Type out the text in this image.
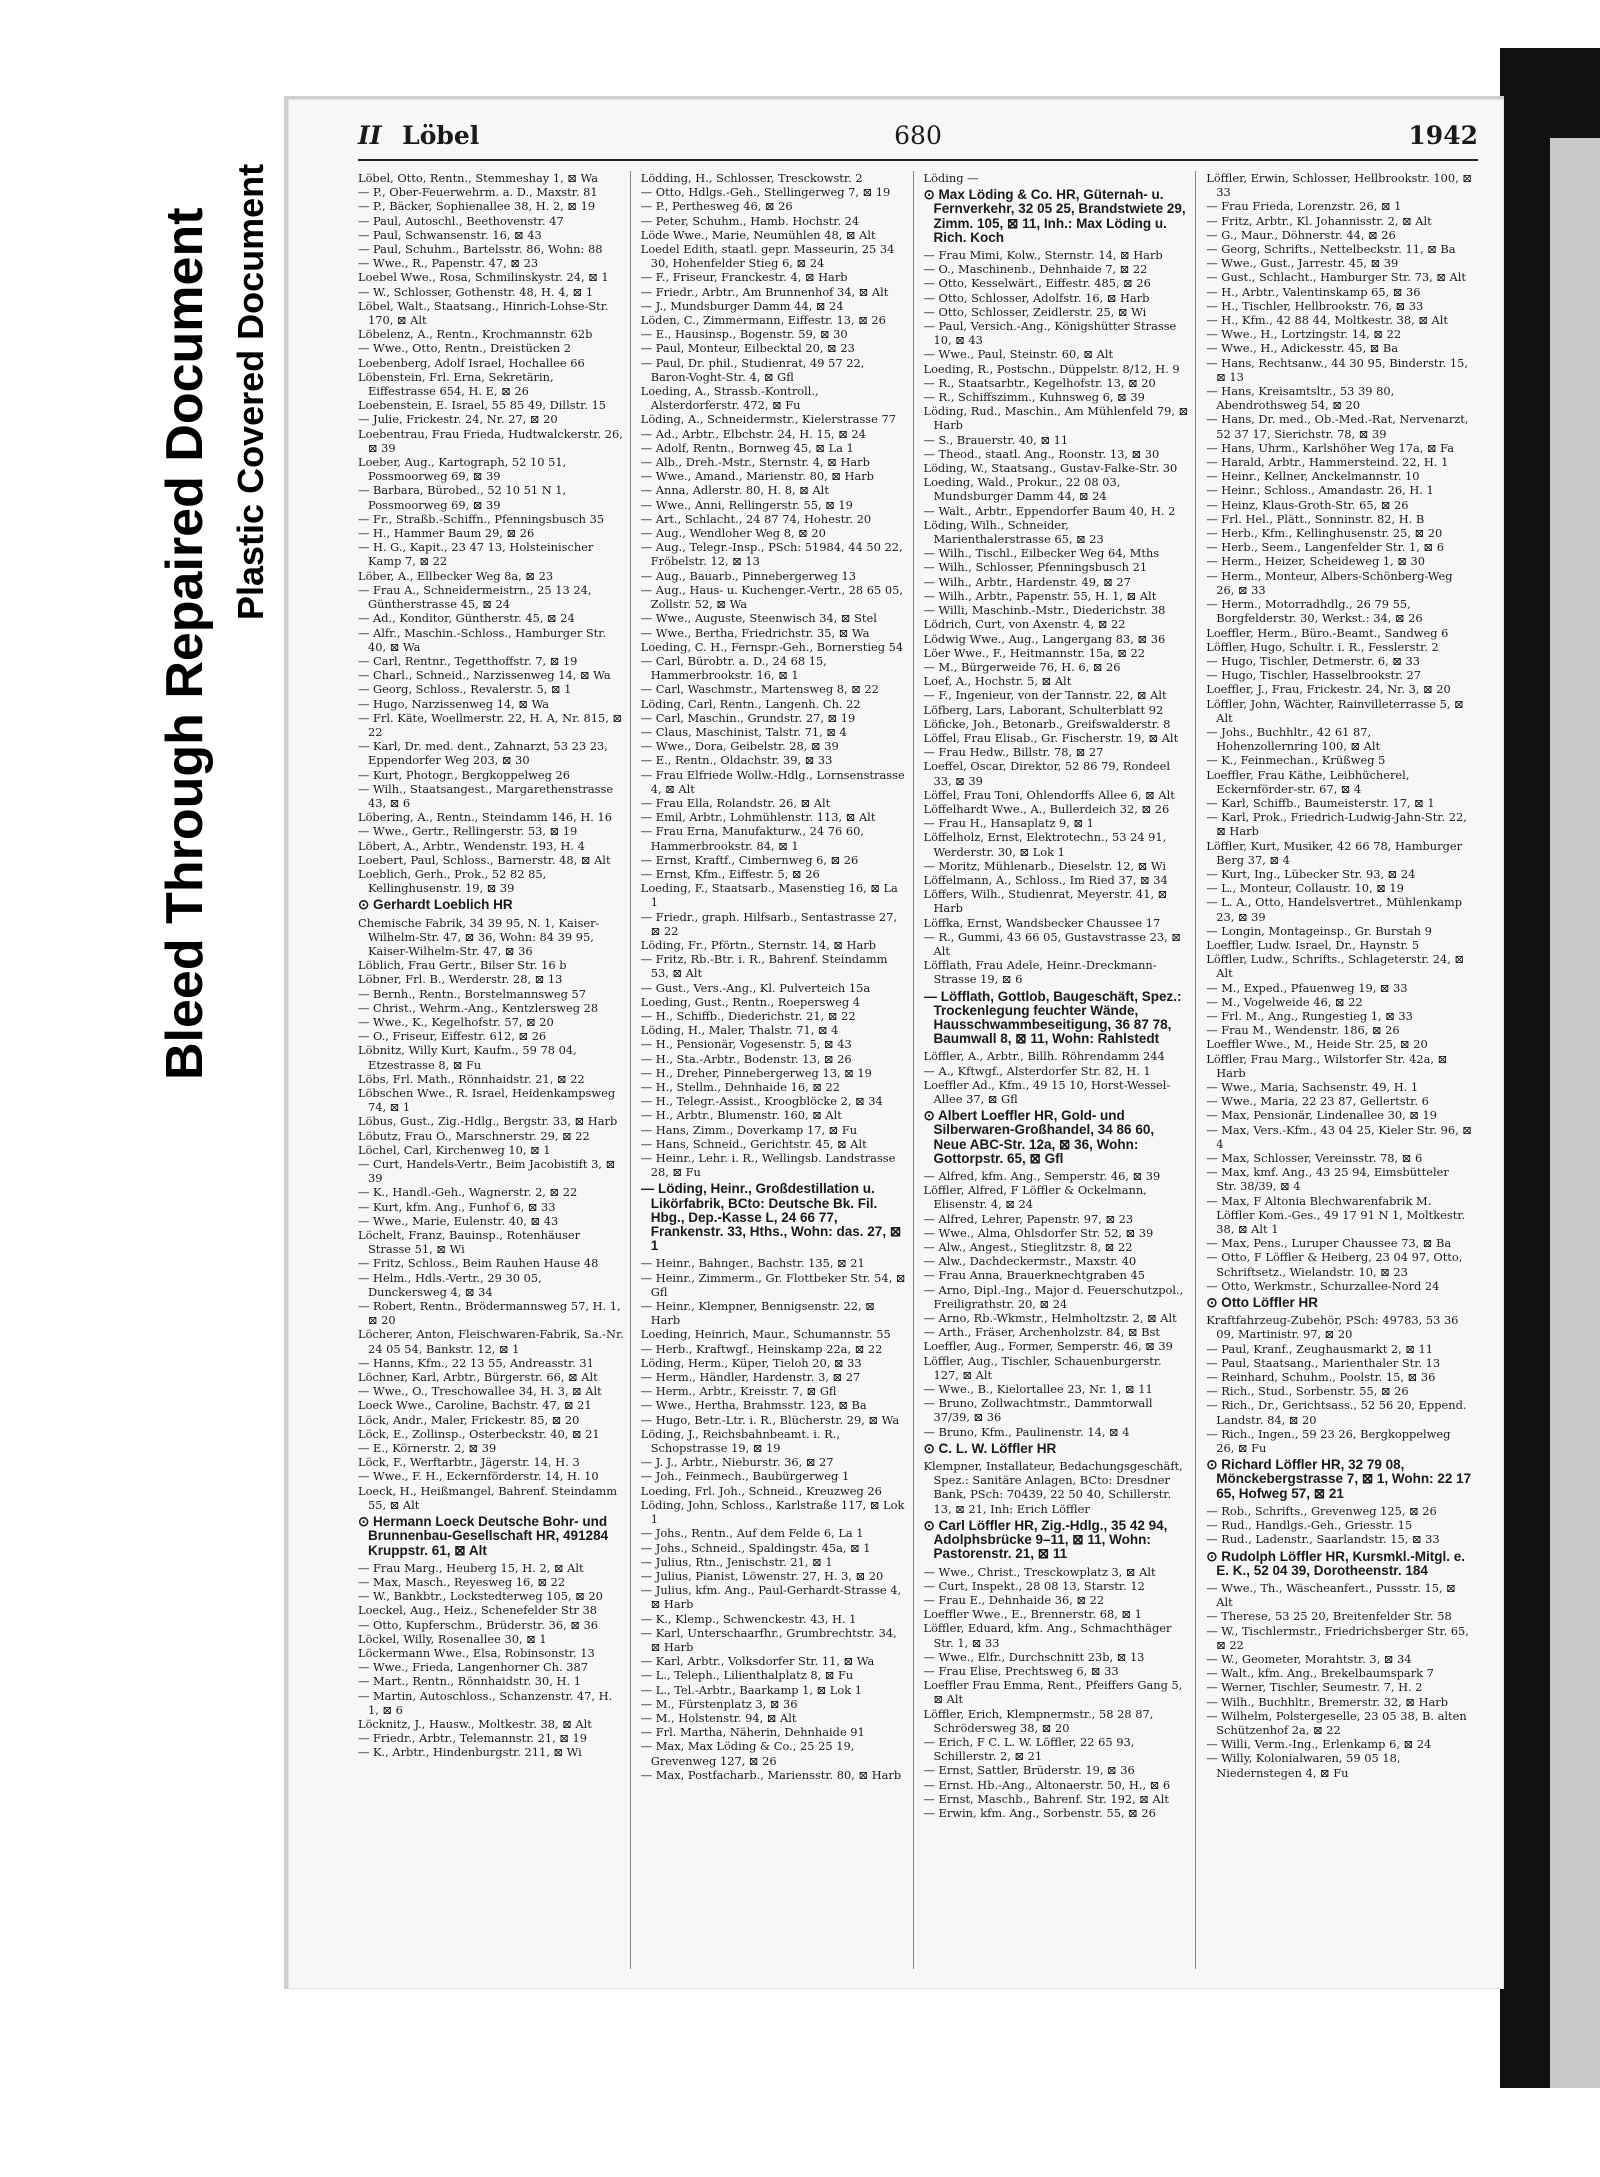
Bleed Through Repaired Document Plastic Covered Document
II Löbel	680	1942

Löbel, Otto, Rentn., Stemmeshay 1, ⊠ Wa

— P., Ober-Feuerwehrm. a. D., Maxstr. 81

— P., Bäcker, Sophienallee 38, H. 2, ⊠ 19

— Paul, Autoschl., Beethovenstr. 47

— Paul, Schwansenstr. 16, ⊠ 43

— Paul, Schuhm., Bartelsstr. 86, Wohn: 88

— Wwe., R., Papenstr. 47, ⊠ 23

Loebel Wwe., Rosa, Schmilinskystr. 24, ⊠ 1

— W., Schlosser, Gothenstr. 48, H. 4, ⊠ 1

Löbel, Walt., Staatsang., Hinrich-Lohse-Str. 170, ⊠ Alt

Löbelenz, A., Rentn., Krochmannstr. 62b

— Wwe., Otto, Rentn., Dreistücken 2

Loebenberg, Adolf Israel, Hochallee 66

Löbenstein, Frl. Erna, Sekretärin, Eiffestrasse 654, H. E, ⊠ 26

Loebenstein, E. Israel, 55 85 49, Dillstr. 15

— Julie, Frickestr. 24, Nr. 27, ⊠ 20

Loebentrau, Frau Frieda, Hudtwalckerstr. 26, ⊠ 39

Loeber, Aug., Kartograph, 52 10 51, Possmoorweg 69, ⊠ 39

— Barbara, Bürobed., 52 10 51 N 1, Possmoorweg 69, ⊠ 39

— Fr., Straßb.-Schiffn., Pfenningsbusch 35

— H., Hammer Baum 29, ⊠ 26

— H. G., Kapit., 23 47 13, Holsteinischer Kamp 7, ⊠ 22

Löber, A., Ellbecker Weg 8a, ⊠ 23

— Frau A., Schneidermeistrn., 25 13 24, Güntherstrasse 45, ⊠ 24

— Ad., Konditor, Güntherstr. 45, ⊠ 24

— Alfr., Maschin.-Schloss., Hamburger Str. 40, ⊠ Wa

— Carl, Rentnr., Tegetthoffstr. 7, ⊠ 19

— Charl., Schneid., Narzissenweg 14, ⊠ Wa

— Georg, Schloss., Revalerstr. 5, ⊠ 1

— Hugo, Narzissenweg 14, ⊠ Wa

— Frl. Käte, Woellmerstr. 22, H. A, Nr. 815, ⊠ 22

— Karl, Dr. med. dent., Zahnarzt, 53 23 23, Eppendorfer Weg 203, ⊠ 30

— Kurt, Photogr., Bergkoppelweg 26

— Wilh., Staatsangest., Margarethenstrasse 43, ⊠ 6

Löbering, A., Rentn., Steindamm 146, H. 16

— Wwe., Gertr., Rellingerstr. 53, ⊠ 19

Löbert, A., Arbtr., Wendenstr. 193, H. 4

Loebert, Paul, Schloss., Barnerstr. 48, ⊠ Alt

Loeblich, Gerh., Prok., 52 82 85, Kellinghusenstr. 19, ⊠ 39

⊙ Gerhardt Loeblich HR

Chemische Fabrik, 34 39 95, N. 1, Kaiser-Wilhelm-Str. 47, ⊠ 36, Wohn: 84 39 95, Kaiser-Wilhelm-Str. 47, ⊠ 36

Löblich, Frau Gertr., Bilser Str. 16 b

Löbner, Frl. B., Werderstr. 28, ⊠ 13

— Bernh., Rentn., Borstelmannsweg 57

— Christ., Wehrm.-Ang., Kentzlersweg 28

— Wwe., K., Kegelhofstr. 57, ⊠ 20

— O., Friseur, Eiffestr. 612, ⊠ 26

Löbnitz, Willy Kurt, Kaufm., 59 78 04, Etzestrasse 8, ⊠ Fu

Löbs, Frl. Math., Rönnhaidstr. 21, ⊠ 22

Löbschen Wwe., R. Israel, Heidenkampsweg 74, ⊠ 1

Löbus, Gust., Zig.-Hdlg., Bergstr. 33, ⊠ Harb

Löbutz, Frau O., Marschnerstr. 29, ⊠ 22

Löchel, Carl, Kirchenweg 10, ⊠ 1

— Curt, Handels-Vertr., Beim Jacobistift 3, ⊠ 39

— K., Handl.-Geh., Wagnerstr. 2, ⊠ 22

— Kurt, kfm. Ang., Funhof 6, ⊠ 33

— Wwe., Marie, Eulenstr. 40, ⊠ 43

Löchelt, Franz, Bauinsp., Rotenhäuser Strasse 51, ⊠ Wi

— Fritz, Schloss., Beim Rauhen Hause 48

— Helm., Hdls.-Vertr., 29 30 05, Dunckersweg 4, ⊠ 34

— Robert, Rentn., Brödermannsweg 57, H. 1, ⊠ 20

Löcherer, Anton, Fleischwaren-Fabrik, Sa.-Nr. 24 05 54, Bankstr. 12, ⊠ 1

— Hanns, Kfm., 22 13 55, Andreasstr. 31

Löchner, Karl, Arbtr., Bürgerstr. 66, ⊠ Alt

— Wwe., O., Treschowallee 34, H. 3, ⊠ Alt

Loeck Wwe., Caroline, Bachstr. 47, ⊠ 21

Löck, Andr., Maler, Frickestr. 85, ⊠ 20

Löck, E., Zollinsp., Osterbeckstr. 40, ⊠ 21

— E., Körnerstr. 2, ⊠ 39

Löck, F., Werftarbtr., Jägerstr. 14, H. 3

— Wwe., F. H., Eckernförderstr. 14, H. 10

Loeck, H., Heißmangel, Bahrenf. Steindamm 55, ⊠ Alt

⊙ Hermann Loeck Deutsche Bohr- und Brunnenbau-Gesellschaft HR, 491284 Kruppstr. 61, ⊠ Alt

— Frau Marg., Heuberg 15, H. 2, ⊠ Alt

— Max, Masch., Reyesweg 16, ⊠ 22

— W., Bankbtr., Lockstedterweg 105, ⊠ 20

Loeckel, Aug., Heiz., Schenefelder Str 38

— Otto, Kupferschm., Brüderstr. 36, ⊠ 36

Löckel, Willy, Rosenallee 30, ⊠ 1

Löckermann Wwe., Elsa, Robinsonstr. 13

— Wwe., Frieda, Langenhorner Ch. 387

— Mart., Rentn., Rönnhaidstr. 30, H. 1

— Martin, Autoschloss., Schanzenstr. 47, H. 1, ⊠ 6

Löcknitz, J., Hausw., Moltkestr. 38, ⊠ Alt

— Friedr., Arbtr., Telemannstr. 21, ⊠ 19

— K., Arbtr., Hindenburgstr. 211, ⊠ Wi

Lödding, H., Schlosser, Tresckowstr. 2

— Otto, Hdlgs.-Geh., Stellingerweg 7, ⊠ 19

— P., Perthesweg 46, ⊠ 26

— Peter, Schuhm., Hamb. Hochstr. 24

Löde Wwe., Marie, Neumühlen 48, ⊠ Alt

Loedel Edith, staatl. gepr. Masseurin, 25 34 30, Hohenfelder Stieg 6, ⊠ 24

— F., Friseur, Franckestr. 4, ⊠ Harb

— Friedr., Arbtr., Am Brunnenhof 34, ⊠ Alt

— J., Mundsburger Damm 44, ⊠ 24

Löden, C., Zimmermann, Eiffestr. 13, ⊠ 26

— E., Hausinsp., Bogenstr. 59, ⊠ 30

— Paul, Monteur, Eilbecktal 20, ⊠ 23

— Paul, Dr. phil., Studienrat, 49 57 22, Baron-Voght-Str. 4, ⊠ Gfl

Loeding, A., Strassb.-Kontroll., Alsterdorferstr. 472, ⊠ Fu

Löding, A., Schneidermstr., Kielerstrasse 77

— Ad., Arbtr., Elbchstr. 24, H. 15, ⊠ 24

— Adolf, Rentn., Bornweg 45, ⊠ La 1

— Alb., Dreh.-Mstr., Sternstr. 4, ⊠ Harb

— Wwe., Amand., Marienstr. 80, ⊠ Harb

— Anna, Adlerstr. 80, H. 8, ⊠ Alt

— Wwe., Anni, Rellingerstr. 55, ⊠ 19

— Art., Schlacht., 24 87 74, Hohestr. 20

— Aug., Wendloher Weg 8, ⊠ 20

— Aug., Telegr.-Insp., PSch: 51984, 44 50 22, Fröbelstr. 12, ⊠ 13

— Aug., Bauarb., Pinnebergerweg 13

— Aug., Haus- u. Kuchenger.-Vertr., 28 65 05, Zollstr. 52, ⊠ Wa

— Wwe., Auguste, Steenwisch 34, ⊠ Stel

— Wwe., Bertha, Friedrichstr. 35, ⊠ Wa

Loeding, C. H., Fernspr.-Geh., Bornerstieg 54

— Carl, Bürobtr. a. D., 24 68 15, Hammerbrookstr. 16, ⊠ 1

— Carl, Waschmstr., Martensweg 8, ⊠ 22

Löding, Carl, Rentn., Langenh. Ch. 22

— Carl, Maschin., Grundstr. 27, ⊠ 19

— Claus, Maschinist, Talstr. 71, ⊠ 4

— Wwe., Dora, Geibelstr. 28, ⊠ 39

— E., Rentn., Oldachstr. 39, ⊠ 33

— Frau Elfriede Wollw.-Hdlg., Lornsenstrasse 4, ⊠ Alt

— Frau Ella, Rolandstr. 26, ⊠ Alt

— Emil, Arbtr., Lohmühlenstr. 113, ⊠ Alt

— Frau Erna, Manufakturw., 24 76 60, Hammerbrookstr. 84, ⊠ 1

— Ernst, Kraftf., Cimbernweg 6, ⊠ 26

— Ernst, Kfm., Eiffestr. 5, ⊠ 26

Loeding, F., Staatsarb., Masenstieg 16, ⊠ La 1

— Friedr., graph. Hilfsarb., Sentastrasse 27, ⊠ 22

Löding, Fr., Pförtn., Sternstr. 14, ⊠ Harb

— Fritz, Rb.-Btr. i. R., Bahrenf. Steindamm 53, ⊠ Alt

— Gust., Vers.-Ang., Kl. Pulverteich 15a

Loeding, Gust., Rentn., Roepersweg 4

— H., Schiffb., Diederichstr. 21, ⊠ 22

Löding, H., Maler, Thalstr. 71, ⊠ 4

— H., Pensionär, Vogesenstr. 5, ⊠ 43

— H., Sta.-Arbtr., Bodenstr. 13, ⊠ 26

— H., Dreher, Pinnebergerweg 13, ⊠ 19

— H., Stellm., Dehnhaide 16, ⊠ 22

— H., Telegr.-Assist., Kroogblöcke 2, ⊠ 34

— H., Arbtr., Blumenstr. 160, ⊠ Alt

— Hans, Zimm., Doverkamp 17, ⊠ Fu

— Hans, Schneid., Gerichtstr. 45, ⊠ Alt

— Heinr., Lehr. i. R., Wellingsb. Landstrasse 28, ⊠ Fu

— Löding, Heinr., Großdestillation u. Likörfabrik, BCto: Deutsche Bk. Fil. Hbg., Dep.-Kasse L, 24 66 77, Frankenstr. 33, Hths., Wohn: das. 27, ⊠ 1

— Heinr., Bahnger., Bachstr. 135, ⊠ 21

— Heinr., Zimmerm., Gr. Flottbeker Str. 54, ⊠ Gfl

— Heinr., Klempner, Bennigsenstr. 22, ⊠ Harb

Loeding, Heinrich, Maur., Schumannstr. 55

— Herb., Kraftwgf., Heinskamp 22a, ⊠ 22

Löding, Herm., Küper, Tieloh 20, ⊠ 33

— Herm., Händler, Hardenstr. 3, ⊠ 27

— Herm., Arbtr., Kreisstr. 7, ⊠ Gfl

— Wwe., Hertha, Brahmsstr. 123, ⊠ Ba

— Hugo, Betr.-Ltr. i. R., Blücherstr. 29, ⊠ Wa

Löding, J., Reichsbahnbeamt. i. R., Schopstrasse 19, ⊠ 19

— J. J., Arbtr., Nieburstr. 36, ⊠ 27

— Joh., Feinmech., Baubürgerweg 1

Loeding, Frl. Joh., Schneid., Kreuzweg 26

Löding, John, Schloss., Karlstraße 117, ⊠ Lok 1

— Johs., Rentn., Auf dem Felde 6, La 1

— Johs., Schneid., Spaldingstr. 45a, ⊠ 1

— Julius, Rtn., Jenischstr. 21, ⊠ 1

— Julius, Pianist, Löwenstr. 27, H. 3, ⊠ 20

— Julius, kfm. Ang., Paul-Gerhardt-Strasse 4, ⊠ Harb

— K., Klemp., Schwenckestr. 43, H. 1

— Karl, Unterschaarfhr., Grumbrechtstr. 34, ⊠ Harb

— Karl, Arbtr., Volksdorfer Str. 11, ⊠ Wa

— L., Teleph., Lilienthalplatz 8, ⊠ Fu

— L., Tel.-Arbtr., Baarkamp 1, ⊠ Lok 1

— M., Fürstenplatz 3, ⊠ 36

— M., Holstenstr. 94, ⊠ Alt

— Frl. Martha, Näherin, Dehnhaide 91

— Max, Max Löding & Co., 25 25 19, Grevenweg 127, ⊠ 26

— Max, Postfacharb., Mariensstr. 80, ⊠ Harb

Löding —

⊙ Max Löding & Co. HR, Güternah- u. Fernverkehr, 32 05 25, Brandstwiete 29, Zimm. 105, ⊠ 11, Inh.: Max Löding u. Rich. Koch

— Frau Mimi, Kolw., Sternstr. 14, ⊠ Harb

— O., Maschinenb., Dehnhaide 7, ⊠ 22

— Otto, Kesselwärt., Eiffestr. 485, ⊠ 26

— Otto, Schlosser, Adolfstr. 16, ⊠ Harb

— Otto, Schlosser, Zeidlerstr. 25, ⊠ Wi

— Paul, Versich.-Ang., Königshütter Strasse 10, ⊠ 43

— Wwe., Paul, Steinstr. 60, ⊠ Alt

Loeding, R., Postschn., Düppelstr. 8/12, H. 9

— R., Staatsarbtr., Kegelhofstr. 13, ⊠ 20

— R., Schiffszimm., Kuhnsweg 6, ⊠ 39

Löding, Rud., Maschin., Am Mühlenfeld 79, ⊠ Harb

— S., Brauerstr. 40, ⊠ 11

— Theod., staatl. Ang., Roonstr. 13, ⊠ 30

Löding, W., Staatsang., Gustav-Falke-Str. 30

Loeding, Wald., Prokur., 22 08 03, Mundsburger Damm 44, ⊠ 24

— Walt., Arbtr., Eppendorfer Baum 40, H. 2

Löding, Wilh., Schneider, Marienthalerstrasse 65, ⊠ 23

— Wilh., Tischl., Eilbecker Weg 64, Mths

— Wilh., Schlosser, Pfenningsbusch 21

— Wilh., Arbtr., Hardenstr. 49, ⊠ 27

— Wilh., Arbtr., Papenstr. 55, H. 1, ⊠ Alt

— Willi, Maschinb.-Mstr., Diederichstr. 38

Lödrich, Curt, von Axenstr. 4, ⊠ 22

Lödwig Wwe., Aug., Langergang 83, ⊠ 36

Löer Wwe., F., Heitmannstr. 15a, ⊠ 22

— M., Bürgerweide 76, H. 6, ⊠ 26

Loef, A., Hochstr. 5, ⊠ Alt

— F., Ingenieur, von der Tannstr. 22, ⊠ Alt

Löfberg, Lars, Laborant, Schulterblatt 92

Löficke, Joh., Betonarb., Greifswalderstr. 8

Löffel, Frau Elisab., Gr. Fischerstr. 19, ⊠ Alt

— Frau Hedw., Billstr. 78, ⊠ 27

Loeffel, Oscar, Direktor, 52 86 79, Rondeel 33, ⊠ 39

Löffel, Frau Toni, Ohlendorffs Allee 6, ⊠ Alt

Löffelhardt Wwe., A., Bullerdeich 32, ⊠ 26

— Frau H., Hansaplatz 9, ⊠ 1

Löffelholz, Ernst, Elektrotechn., 53 24 91, Werderstr. 30, ⊠ Lok 1

— Moritz, Mühlenarb., Dieselstr. 12, ⊠ Wi

Löffelmann, A., Schloss., Im Ried 37, ⊠ 34

Löffers, Wilh., Studienrat, Meyerstr. 41, ⊠ Harb

Löffka, Ernst, Wandsbecker Chaussee 17

— R., Gummi, 43 66 05, Gustavstrasse 23, ⊠ Alt

Löfflath, Frau Adele, Heinr.-Dreckmann-Strasse 19, ⊠ 6

— Löfflath, Gottlob, Baugeschäft, Spez.: Trockenlegung feuchter Wände, Hausschwammbeseitigung, 36 87 78, Baumwall 8, ⊠ 11, Wohn: Rahlstedt

Löffler, A., Arbtr., Billh. Röhrendamm 244

— A., Kftwgf., Alsterdorfer Str. 82, H. 1

Loeffler Ad., Kfm., 49 15 10, Horst-Wessel-Allee 37, ⊠ Gfl

⊙ Albert Loeffler HR, Gold- und Silberwaren-Großhandel, 34 86 60, Neue ABC-Str. 12a, ⊠ 36, Wohn: Gottorpstr. 65, ⊠ Gfl

— Alfred, kfm. Ang., Semperstr. 46, ⊠ 39

Löffler, Alfred, F Löffler & Ockelmann, Elisenstr. 4, ⊠ 24

— Alfred, Lehrer, Papenstr. 97, ⊠ 23

— Wwe., Alma, Ohlsdorfer Str. 52, ⊠ 39

— Alw., Angest., Stieglitzstr. 8, ⊠ 22

— Alw., Dachdeckermstr., Maxstr. 40

— Frau Anna, Brauerknechtgraben 45

— Arno, Dipl.-Ing., Major d. Feuerschutzpol., Freiligrathstr. 20, ⊠ 24

— Arno, Rb.-Wkmstr., Helmholtzstr. 2, ⊠ Alt

— Arth., Fräser, Archenholzstr. 84, ⊠ Bst

Loeffler, Aug., Former, Semperstr. 46, ⊠ 39

Löffler, Aug., Tischler, Schauenburgerstr. 127, ⊠ Alt

— Wwe., B., Kielortallee 23, Nr. 1, ⊠ 11

— Bruno, Zollwachtmstr., Dammtorwall 37/39, ⊠ 36

— Bruno, Kfm., Paulinenstr. 14, ⊠ 4

⊙ C. L. W. Löffler HR

Klempner, Installateur, Bedachungsgeschäft, Spez.: Sanitäre Anlagen, BCto: Dresdner Bank, PSch: 70439, 22 50 40, Schillerstr. 13, ⊠ 21, Inh: Erich Löffler

⊙ Carl Löffler HR, Zig.-Hdlg., 35 42 94, Adolphsbrücke 9–11, ⊠ 11, Wohn: Pastorenstr. 21, ⊠ 11

— Wwe., Christ., Tresckowplatz 3, ⊠ Alt

— Curt, Inspekt., 28 08 13, Starstr. 12

— Frau E., Dehnhaide 36, ⊠ 22

Loeffler Wwe., E., Brennerstr. 68, ⊠ 1

Löffler, Eduard, kfm. Ang., Schmachthäger Str. 1, ⊠ 33

— Wwe., Elfr., Durchschnitt 23b, ⊠ 13

— Frau Elise, Prechtsweg 6, ⊠ 33

Loeffler Frau Emma, Rent., Pfeiffers Gang 5, ⊠ Alt

Löffler, Erich, Klempnermstr., 58 28 87, Schrödersweg 38, ⊠ 20

— Erich, F C. L. W. Löffler, 22 65 93, Schillerstr. 2, ⊠ 21

— Ernst, Sattler, Brüderstr. 19, ⊠ 36

— Ernst. Hb.-Ang., Altonaerstr. 50, H., ⊠ 6

— Ernst, Maschb., Bahrenf. Str. 192, ⊠ Alt

— Erwin, kfm. Ang., Sorbenstr. 55, ⊠ 26

Löffler, Erwin, Schlosser, Hellbrookstr. 100, ⊠ 33

— Frau Frieda, Lorenzstr. 26, ⊠ 1

— Fritz, Arbtr., Kl. Johannisstr. 2, ⊠ Alt

— G., Maur., Döhnerstr. 44, ⊠ 26

— Georg, Schrifts., Nettelbeckstr. 11, ⊠ Ba

— Wwe., Gust., Jarrestr. 45, ⊠ 39

— Gust., Schlacht., Hamburger Str. 73, ⊠ Alt

— H., Arbtr., Valentinskamp 65, ⊠ 36

— H., Tischler, Hellbrookstr. 76, ⊠ 33

— H., Kfm., 42 88 44, Moltkestr. 38, ⊠ Alt

— Wwe., H., Lortzingstr. 14, ⊠ 22

— Wwe., H., Adickesstr. 45, ⊠ Ba

— Hans, Rechtsanw., 44 30 95, Binderstr. 15, ⊠ 13

— Hans, Kreisamtsltr., 53 39 80, Abendrothsweg 54, ⊠ 20

— Hans, Dr. med., Ob.-Med.-Rat, Nervenarzt, 52 37 17, Sierichstr. 78, ⊠ 39

— Hans, Uhrm., Karlshöher Weg 17a, ⊠ Fa

— Harald, Arbtr., Hammersteind. 22, H. 1

— Heinr., Kellner, Anckelmannstr. 10

— Heinr., Schloss., Amandastr. 26, H. 1

— Heinz, Klaus-Groth-Str. 65, ⊠ 26

— Frl. Hel., Plätt., Sonninstr. 82, H. B

— Herb., Kfm., Kellinghusenstr. 25, ⊠ 20

— Herb., Seem., Langenfelder Str. 1, ⊠ 6

— Herm., Heizer, Scheideweg 1, ⊠ 30

— Herm., Monteur, Albers-Schönberg-Weg 26, ⊠ 33

— Herm., Motorradhdlg., 26 79 55, Borgfelderstr. 30, Werkst.: 34, ⊠ 26

Loeffler, Herm., Büro.-Beamt., Sandweg 6

Löffler, Hugo, Schultr. i. R., Fesslerstr. 2

— Hugo, Tischler, Detmerstr. 6, ⊠ 33

— Hugo, Tischler, Hasselbrookstr. 27

Loeffler, J., Frau, Frickestr. 24, Nr. 3, ⊠ 20

Löffler, John, Wächter, Rainvilleterrasse 5, ⊠ Alt

— Johs., Buchhltr., 42 61 87, Hohenzollernring 100, ⊠ Alt

— K., Feinmechan., Krüßweg 5

Loeffler, Frau Käthe, Leibhücherel, Eckernförder-str. 67, ⊠ 4

— Karl, Schiffb., Baumeisterstr. 17, ⊠ 1

— Karl, Prok., Friedrich-Ludwig-Jahn-Str. 22, ⊠ Harb

Löffler, Kurt, Musiker, 42 66 78, Hamburger Berg 37, ⊠ 4

— Kurt, Ing., Lübecker Str. 93, ⊠ 24

— L., Monteur, Collaustr. 10, ⊠ 19

— L. A., Otto, Handelsvertret., Mühlenkamp 23, ⊠ 39

— Longin, Montageinsp., Gr. Burstah 9

Loeffler, Ludw. Israel, Dr., Haynstr. 5

Löffler, Ludw., Schrifts., Schlageterstr. 24, ⊠ Alt

— M., Exped., Pfauenweg 19, ⊠ 33

— M., Vogelweide 46, ⊠ 22

— Frl. M., Ang., Rungestieg 1, ⊠ 33

— Frau M., Wendenstr. 186, ⊠ 26

Loeffler Wwe., M., Heide Str. 25, ⊠ 20

Löffler, Frau Marg., Wilstorfer Str. 42a, ⊠ Harb

— Wwe., Maria, Sachsenstr. 49, H. 1

— Wwe., Maria, 22 23 87, Gellertstr. 6

— Max, Pensionär, Lindenallee 30, ⊠ 19

— Max, Vers.-Kfm., 43 04 25, Kieler Str. 96, ⊠ 4

— Max, Schlosser, Vereinsstr. 78, ⊠ 6

— Max, kmf. Ang., 43 25 94, Eimsbütteler Str. 38/39, ⊠ 4

— Max, F Altonia Blechwarenfabrik M. Löffler Kom.-Ges., 49 17 91 N 1, Moltkestr. 38, ⊠ Alt 1

— Max, Pens., Luruper Chaussee 73, ⊠ Ba

— Otto, F Löffler & Heiberg, 23 04 97, Otto, Schriftsetz., Wielandstr. 10, ⊠ 23

— Otto, Werkmstr., Schurzallee-Nord 24

⊙ Otto Löffler HR

Kraftfahrzeug-Zubehör, PSch: 49783, 53 36 09, Martinistr. 97, ⊠ 20

— Paul, Kranf., Zeughausmarkt 2, ⊠ 11

— Paul, Staatsang., Marienthaler Str. 13

— Reinhard, Schuhm., Poolstr. 15, ⊠ 36

— Rich., Stud., Sorbenstr. 55, ⊠ 26

— Rich., Dr., Gerichtsass., 52 56 20, Eppend. Landstr. 84, ⊠ 20

— Rich., Ingen., 59 23 26, Bergkoppelweg 26, ⊠ Fu

⊙ Richard Löffler HR, 32 79 08, Mönckebergstrasse 7, ⊠ 1, Wohn: 22 17 65, Hofweg 57, ⊠ 21

— Rob., Schrifts., Grevenweg 125, ⊠ 26

— Rud., Handlgs.-Geh., Griesstr. 15

— Rud., Ladenstr., Saarlandstr. 15, ⊠ 33

⊙ Rudolph Löffler HR, Kursmkl.-Mitgl. e. E. K., 52 04 39, Dorotheenstr. 184

— Wwe., Th., Wäscheanfert., Pussstr. 15, ⊠ Alt

— Therese, 53 25 20, Breitenfelder Str. 58

— W., Tischlermstr., Friedrichsberger Str. 65, ⊠ 22

— W., Geometer, Morahtstr. 3, ⊠ 34

— Walt., kfm. Ang., Brekelbaumspark 7

— Werner, Tischler, Seumestr. 7, H. 2

— Wilh., Buchhltr., Bremerstr. 32, ⊠ Harb

— Wilhelm, Polstergeselle, 23 05 38, B. alten Schützenhof 2a, ⊠ 22

— Willi, Verm.-Ing., Erlenkamp 6, ⊠ 24

— Willy, Kolonialwaren, 59 05 18, Niedernstegen 4, ⊠ Fu
